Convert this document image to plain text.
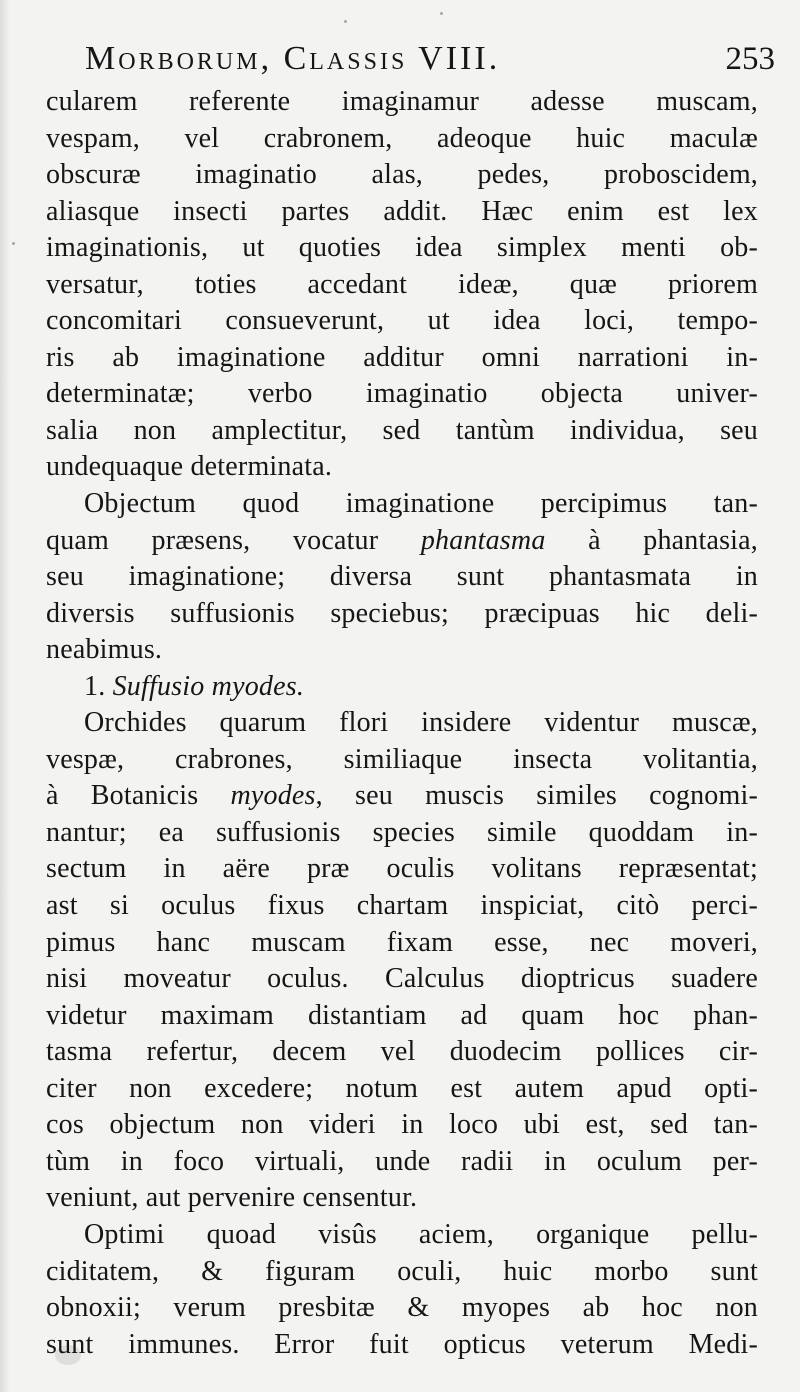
Morborum, Classis VIII.	253
cularem referente imaginamur adesse muscam,
vespam, vel crabronem, adeoque huic maculæ
obscuræ imaginatio alas, pedes, proboscidem,
aliasque insecti partes addit. Hæc enim est lex
imaginationis, ut quoties idea simplex menti ob-
versatur, toties accedant ideæ, quæ priorem
concomitari consueverunt, ut idea loci, tempo-
ris ab imaginatione additur omni narrationi in-
determinatæ; verbo imaginatio objecta univer-
salia non amplectitur, sed tantùm individua, seu
undequaque determinata.
Objectum quod imaginatione percipimus tan-
quam præsens, vocatur phantasma à phantasia,
seu imaginatione; diversa sunt phantasmata in
diversis suffusionis speciebus; præcipuas hic deli-
neabimus.
1. Suffusio myodes.
Orchides quarum flori insidere videntur muscæ,
vespæ, crabrones, similiaque insecta volitantia,
à Botanicis myodes, seu muscis similes cognomi-
nantur; ea suffusionis species simile quoddam in-
sectum in aëre præ oculis volitans repræsentat;
ast si oculus fixus chartam inspiciat, citò perci-
pimus hanc muscam fixam esse, nec moveri,
nisi moveatur oculus. Calculus dioptricus suadere
videtur maximam distantiam ad quam hoc phan-
tasma refertur, decem vel duodecim pollices cir-
citer non excedere; notum est autem apud opti-
cos objectum non videri in loco ubi est, sed tan-
tùm in foco virtuali, unde radii in oculum per-
veniunt, aut pervenire censentur.
Optimi quoad visûs aciem, organique pellu-
ciditatem, & figuram oculi, huic morbo sunt
obnoxii; verum presbitæ & myopes ab hoc non
sunt immunes. Error fuit opticus veterum Medi-
